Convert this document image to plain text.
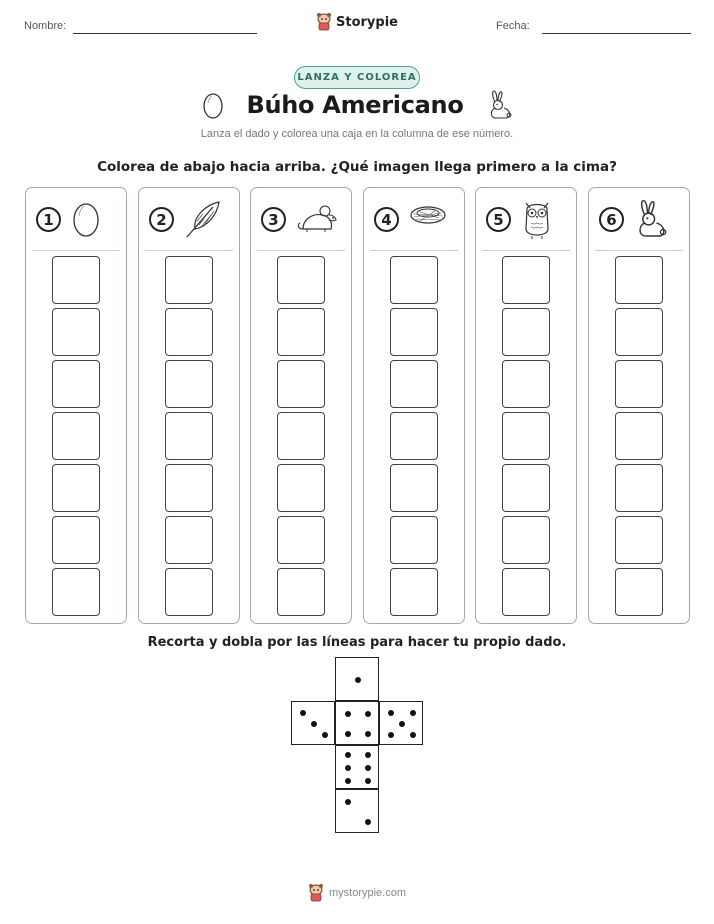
Nombre:	Fecha:
Storypie
LANZA Y COLOREA
Búho Americano
Lanza el dado y colorea una caja en la columna de ese número.
Colorea de abajo hacia arriba. ¿Qué imagen llega primero a la cima?
1	2	3	4	5	6
Recorta y dobla por las líneas para hacer tu propio dado.
mystorypie.com
